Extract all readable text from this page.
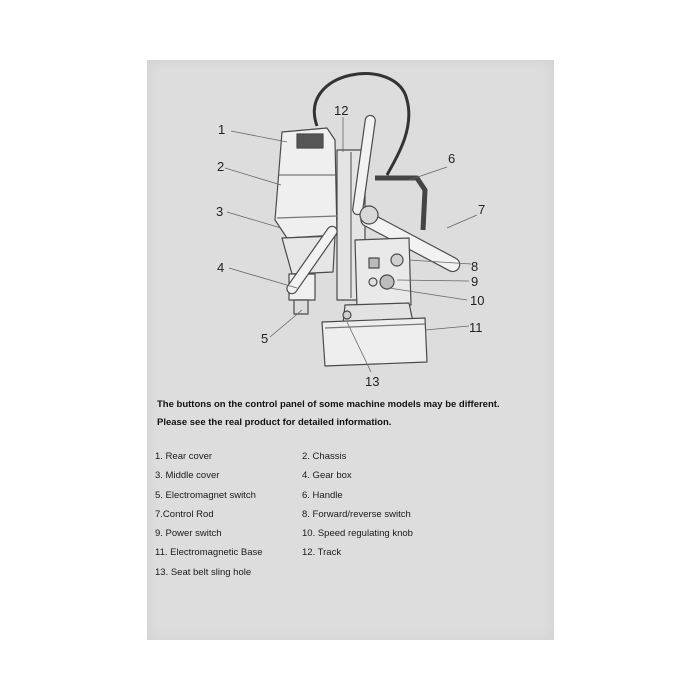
1
2
3
4
5
6
7
8
9
10
11
12
13
The buttons on the control panel of some machine models may be different.
Please see the real product for detailed information.
1. Rear cover
3. Middle cover
5. Electromagnet switch
7.Control Rod
9. Power switch
11. Electromagnetic Base
13. Seat belt sling hole
2. Chassis
4. Gear box
6. Handle
8. Forward/reverse switch
10. Speed regulating knob
12. Track
